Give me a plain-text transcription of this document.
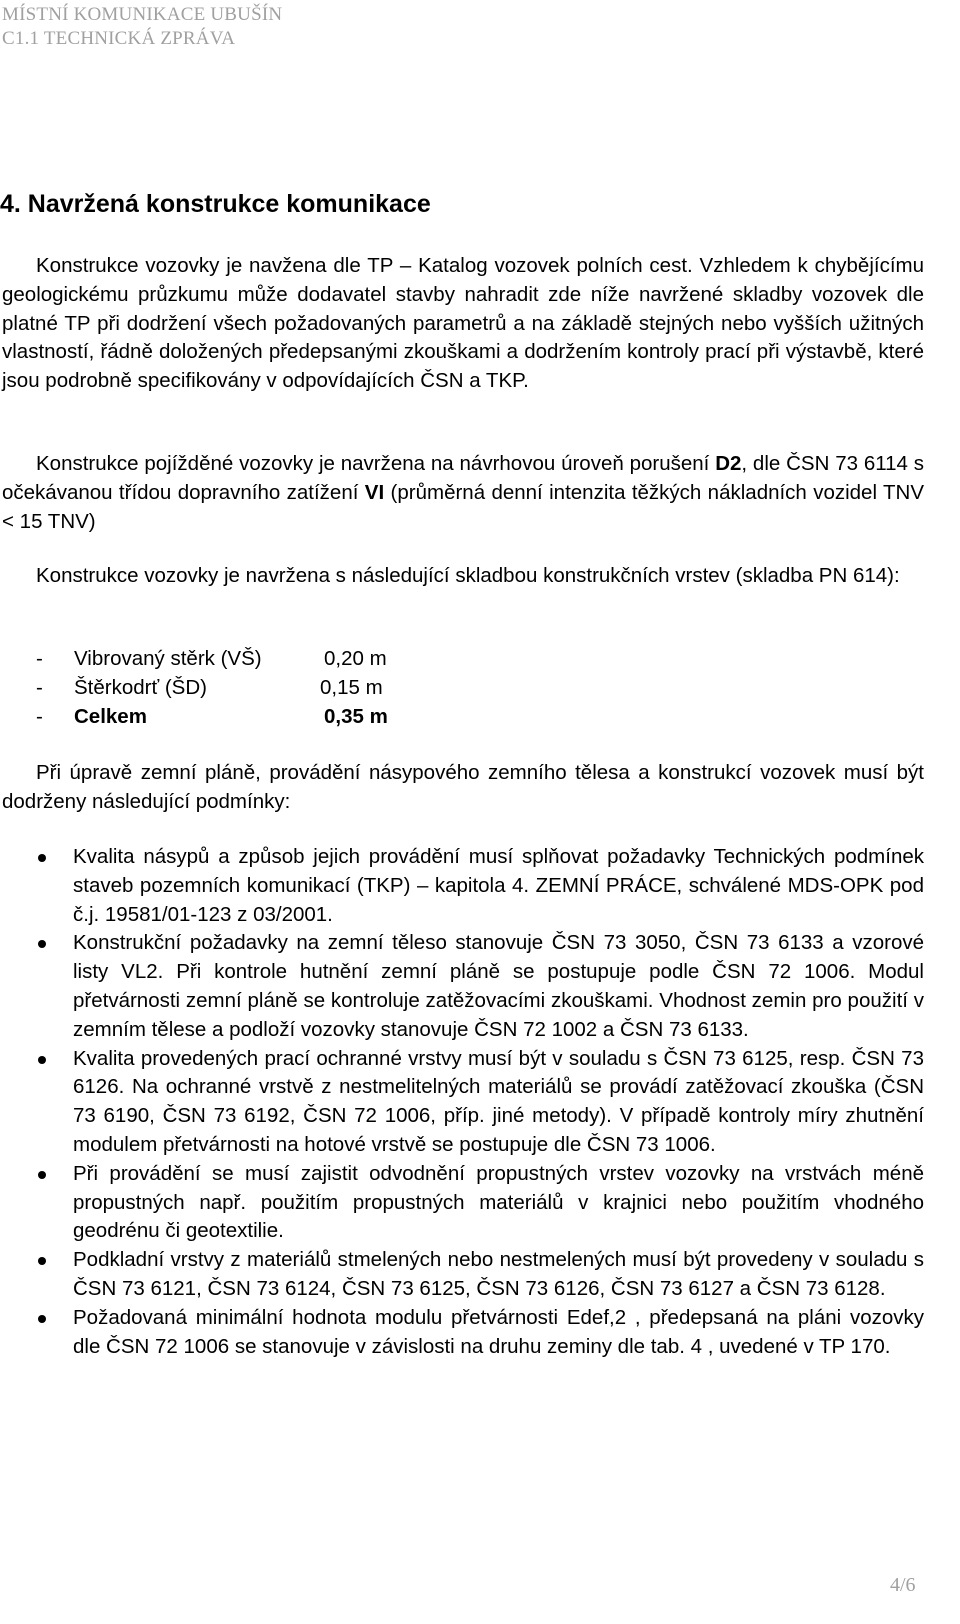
MÍSTNÍ KOMUNIKACE UBUŠÍN
C1.1 TECHNICKÁ ZPRÁVA
4. Navržená konstrukce komunikace

Konstrukce vozovky je navžena dle TP – Katalog vozovek polních cest. Vzhledem k chybějícímu geologickému průzkumu může dodavatel stavby nahradit zde níže navržené skladby vozovek dle platné TP při dodržení všech požadovaných parametrů a na základě stejných nebo vyšších užitných vlastností, řádně doložených předepsanými zkouškami a dodržením kontroly prací při výstavbě, které jsou podrobně specifikovány v odpovídajících ČSN a TKP.

Konstrukce pojížděné vozovky je navržena na návrhovou úroveň porušení D2, dle ČSN 73 6114 s očekávanou třídou dopravního zatížení VI (průměrná denní intenzita těžkých nákladních vozidel TNV < 15 TNV)

Konstrukce vozovky je navržena s následující skladbou konstrukčních vrstev (skladba PN 614):

- Vibrovaný stěrk (VŠ)	0,20 m
- Štěrkodrť (ŠD)	0,15 m
- Celkem	0,35 m

Při úpravě zemní pláně, provádění násypového zemního tělesa a konstrukcí vozovek musí být dodrženy následující podmínky:

Kvalita násypů a způsob jejich provádění musí splňovat požadavky Technických podmínek staveb pozemních komunikací (TKP) – kapitola 4. ZEMNÍ PRÁCE, schválené MDS-OPK pod č.j. 19581/01-123 z 03/2001.
Konstrukční požadavky na zemní těleso stanovuje ČSN 73 3050, ČSN 73 6133 a vzorové listy VL2. Při kontrole hutnění zemní pláně se postupuje podle ČSN 72 1006. Modul přetvárnosti zemní pláně se kontroluje zatěžovacími zkouškami. Vhodnost zemin pro použití v zemním tělese a podloží vozovky stanovuje ČSN 72 1002 a ČSN 73 6133.
Kvalita provedených prací ochranné vrstvy musí být v souladu s ČSN 73 6125, resp. ČSN 73 6126. Na ochranné vrstvě z nestmelitelných materiálů se provádí zatěžovací zkouška (ČSN 73 6190, ČSN 73 6192, ČSN 72 1006, příp. jiné metody). V případě kontroly míry zhutnění modulem přetvárnosti na hotové vrstvě se postupuje dle ČSN 73 1006.
Při provádění se musí zajistit odvodnění propustných vrstev vozovky na vrstvách méně propustných např. použitím propustných materiálů v krajnici nebo použitím vhodného geodrénu či geotextilie.
Podkladní vrstvy z materiálů stmelených nebo nestmelených musí být provedeny v souladu s ČSN 73 6121, ČSN 73 6124, ČSN 73 6125, ČSN 73 6126, ČSN 73 6127 a ČSN 73 6128.
Požadovaná minimální hodnota modulu přetvárnosti Edef,2 , předepsaná na pláni vozovky dle ČSN 72 1006 se stanovuje v závislosti na druhu zeminy dle tab. 4 , uvedené v TP 170.
4/6
